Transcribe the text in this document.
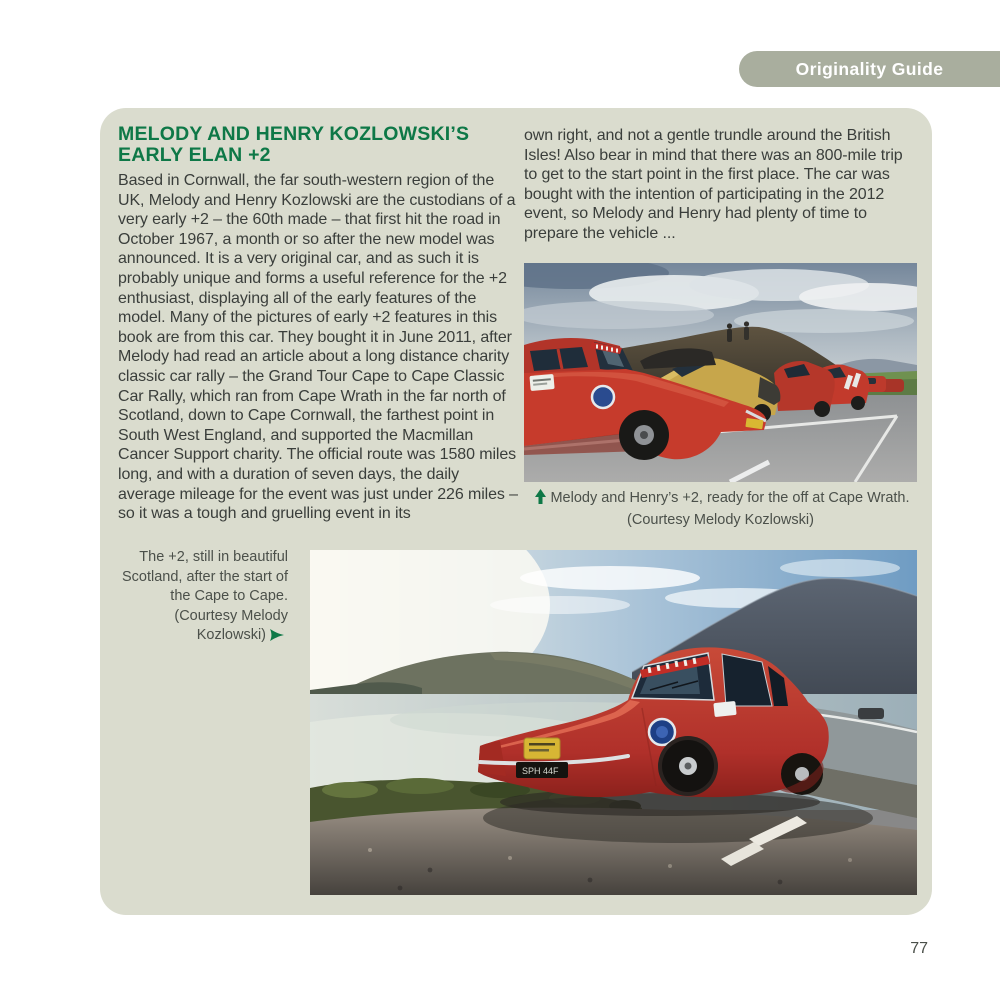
Originality Guide
MELODY AND HENRY KOZLOWSKI’S
EARLY ELAN +2
Based in Cornwall, the far south-western region of the UK, Melody and Henry Kozlowski are the custodians of a very early +2 – the 60th made – that first hit the road in October 1967, a month or so after the new model was announced. It is a very original car, and as such it is probably unique and forms a useful reference for the +2 enthusiast, displaying all of the early features of the model. Many of the pictures of early +2 features in this book are from this car. They bought it in June 2011, after Melody had read an article about a long distance charity classic car rally – the Grand Tour Cape to Cape Classic Car Rally, which ran from Cape Wrath in the far north of Scotland, down to Cape Cornwall, the farthest point in South West England, and supported the Macmillan Cancer Support charity. The official route was 1580 miles long, and with a duration of seven days, the daily average mileage for the event was just under 226 miles – so it was a tough and gruelling event in its
own right, and not a gentle trundle around the British Isles! Also bear in mind that there was an 800-mile trip to get to the start point in the first place. The car was bought with the intention of participating in the 2012 event, so Melody and Henry had plenty of time to prepare the vehicle ...
Melody and Henry’s +2, ready for the off at Cape Wrath. (Courtesy Melody Kozlowski)
The +2, still in beautiful Scotland, after the start of the Cape to Cape. (Courtesy Melody Kozlowski)
SPH 44F
77
